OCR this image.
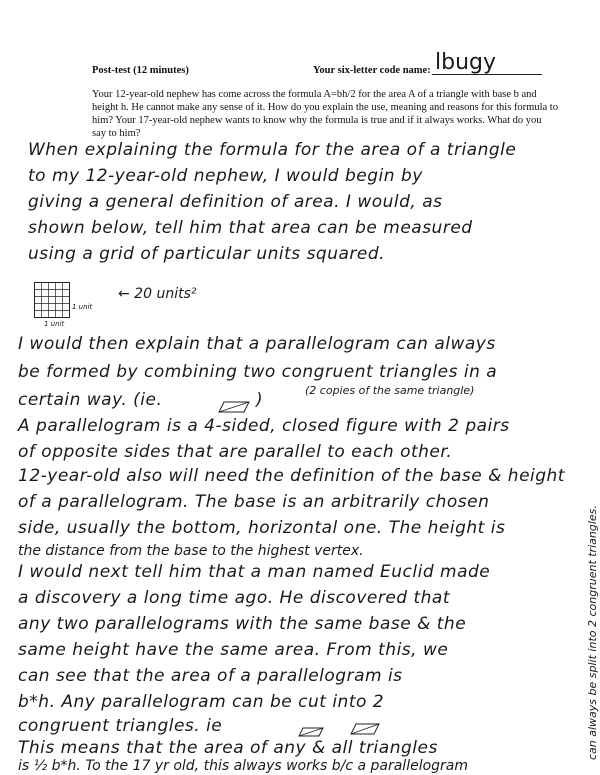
Post-test (12 minutes)	Your six-letter code name: lbugy
Your 12-year-old nephew has come across the formula A=bh/2 for the area A of a triangle with base b and
height h. He cannot make any sense of it. How do you explain the use, meaning and reasons for this formula to
him? Your 17-year-old nephew wants to know why the formula is true and if it always works. What do you
say to him?
When explaining the formula for the area of a triangle
to my 12-year-old nephew, I would begin by
giving a general definition of area. I would, as
shown below, tell him that area can be measured
using a grid of particular units squared.
1 unit
1 unit
← 20 units²
I would then explain that a parallelogram can always
be formed by combining two congruent triangles in a
(2 copies of the same triangle)
certain way. (ie.	)
A parallelogram is a 4-sided, closed figure with 2 pairs
of opposite sides that are parallel to each other.
12-year-old also will need the definition of the base & height
of a parallelogram. The base is an arbitrarily chosen
side, usually the bottom, horizontal one. The height is
the distance from the base to the highest vertex.
I would next tell him that a man named Euclid made
a discovery a long time ago. He discovered that
any two parallelograms with the same base & the
same height have the same area. From this, we
can see that the area of a parallelogram is
b*h. Any parallelogram can be cut into 2
congruent triangles. ie
This means that the area of any & all triangles
is ½ b*h. To the 17 yr old, this always works b/c a parallelogram
can always be split into 2 congruent triangles.
